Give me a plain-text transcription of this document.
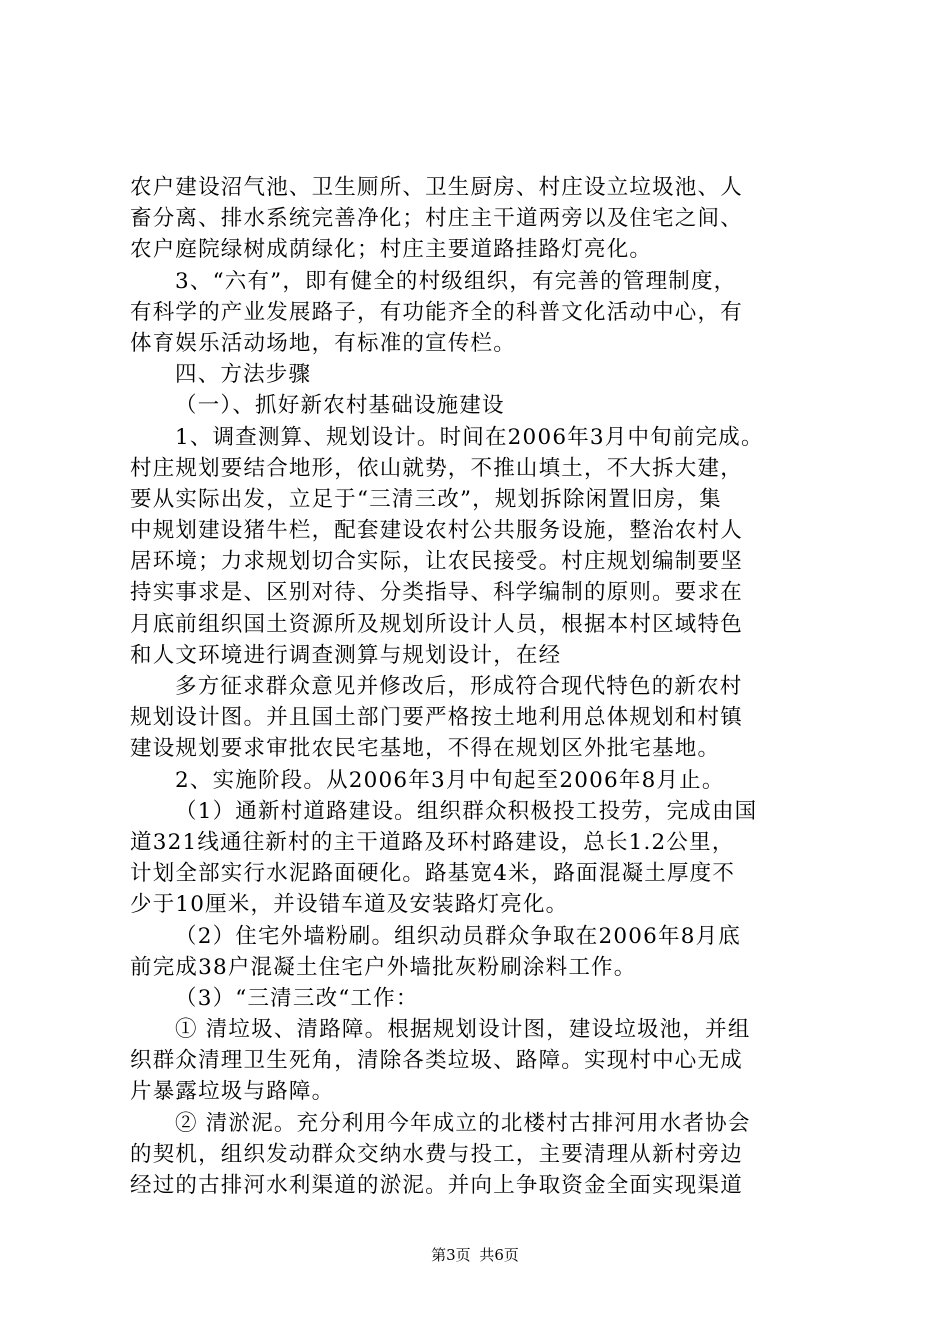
农户建设沼气池、卫生厕所、卫生厨房、村庄设立垃圾池、人
畜分离、排水系统完善净化；村庄主干道两旁以及住宅之间、
农户庭院绿树成荫绿化；村庄主要道路挂路灯亮化。
3、“六有”，即有健全的村级组织，有完善的管理制度，
有科学的产业发展路子，有功能齐全的科普文化活动中心，有
体育娱乐活动场地，有标准的宣传栏。
四、方法步骤
（一）、抓好新农村基础设施建设
1、调查测算、规划设计。时间在2006年3月中旬前完成。
村庄规划要结合地形，依山就势，不推山填土，不大拆大建，
要从实际出发，立足于“三清三改”，规划拆除闲置旧房，集
中规划建设猪牛栏，配套建设农村公共服务设施，整治农村人
居环境；力求规划切合实际，让农民接受。村庄规划编制要坚
持实事求是、区别对待、分类指导、科学编制的原则。要求在
月底前组织国土资源所及规划所设计人员，根据本村区域特色
和人文环境进行调查测算与规划设计，在经
多方征求群众意见并修改后，形成符合现代特色的新农村
规划设计图。并且国土部门要严格按土地利用总体规划和村镇
建设规划要求审批农民宅基地，不得在规划区外批宅基地。
2、实施阶段。从2006年3月中旬起至2006年8月止。
（1）通新村道路建设。组织群众积极投工投劳，完成由国
道321线通往新村的主干道路及环村路建设，总长1.2公里，
计划全部实行水泥路面硬化。路基宽4米，路面混凝土厚度不
少于10厘米，并设错车道及安装路灯亮化。
（2）住宅外墙粉刷。组织动员群众争取在2006年8月底
前完成38户混凝土住宅户外墙批灰粉刷涂料工作。
（3）“三清三改“工作：
① 清垃圾、清路障。根据规划设计图，建设垃圾池，并组
织群众清理卫生死角，清除各类垃圾、路障。实现村中心无成
片暴露垃圾与路障。
② 清淤泥。充分利用今年成立的北楼村古排河用水者协会
的契机，组织发动群众交纳水费与投工，主要清理从新村旁边
经过的古排河水利渠道的淤泥。并向上争取资金全面实现渠道
第3页 共6页
